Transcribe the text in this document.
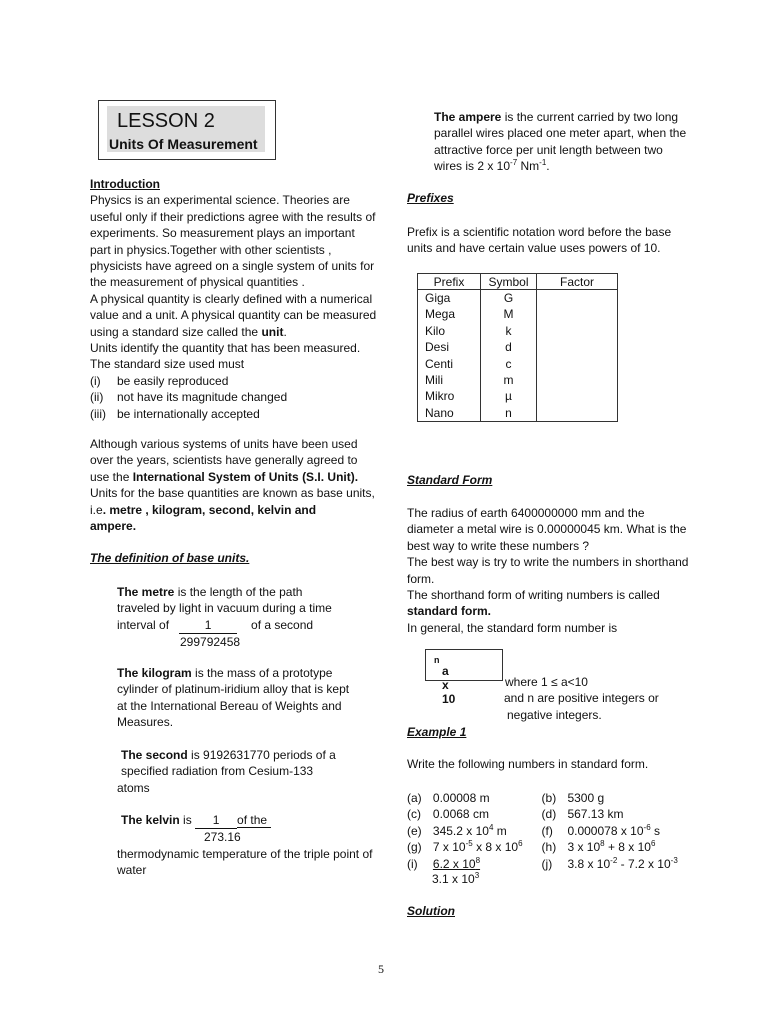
LESSON 2
Units Of Measurement
Introduction
Physics is an experimental science. Theories are
useful only if their predictions agree with the results of
experiments. So measurement plays an important
part in physics.Together with other scientists ,
physicists have agreed on a single system of units for
the measurement of physical quantities .
A physical quantity is clearly defined with a numerical
value and a unit. A physical quantity can be measured
using a standard size called the unit.
Units identify the quantity that has been measured.
The standard size used must
(i)	be easily reproduced
(ii)	not have its magnitude changed
(iii) be internationally accepted
Although various systems of units have been used
over the years, scientists have generally agreed to
use the International System of Units (S.I. Unit).
Units for the base quantities are known as base units,
i.e. metre , kilogram, second, kelvin and
ampere.
The definition of base units.
The metre is the length of the path
traveled by light in vacuum during a time
interval of	1	of a second
299792458
The kilogram is the mass of a prototype
cylinder of platinum-iridium alloy that is kept
at the International Bereau of Weights and
Measures.
The second is 9192631770 periods of a
specified radiation from Cesium-133
atoms
The kelvin is 1 of the
273.16
thermodynamic temperature of the triple point of
water
The ampere is the current carried by two long
parallel wires placed one meter apart, when the
attractive force per unit length between two
wires is 2 x $10^{-7}$ $Nm^{-1}$.
Prefixes
Prefix is a scientific notation word before the base
units and have certain value uses powers of 10.
Prefix	Symbol	Factor
Giga	G	
Mega	M	
Kilo	k	
Desi	d	
Centi	c	
Mili	m	
Mikro	µ	
Nano	n	
Standard Form
The radius of earth 6400000000 mm and the
diameter a metal wire is 0.00000045 km. What is the
best way to write these numbers ?
The best way is try to write the numbers in shorthand
form.
The shorthand form of writing numbers is called
standard form.
In general, the standard form number is
a x 10
$^n$
where 1 ≤ a<10
and n are positive integers or
negative integers.
Example 1
Write the following numbers in standard form.
(a) 0.00008 m	(b) 5300 g
(c) 0.0068 cm	(d) 567.13 km
(e) 345.2 x $10^4$ m	(f)	0.000078 x $10^{-6}$ s
(g) 7 x $10^{-5}$ x 8 x $10^6$	(h) 3 x $10^8 + 8$ x $10^6$
(i)	6.2 x $10^8$	(j)	3.8 x $10^{-2} - 7.2$ x $10^{-3}$
3.1 x $10^3$
Solution
5
